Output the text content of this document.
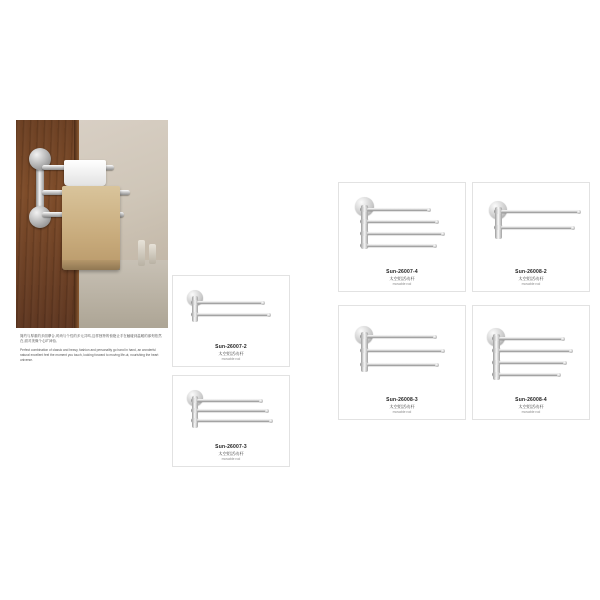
简约与厚重的多面摩合,时尚与个性的多元共鸣,这样独特的惊艳让手在触碰到温暖的那刻依然在,面对美像个心旷神怡,
Perfect combination of classic and heavy, fashion and personality go hand in hand, an wonderful natural excellent feel the moment you touch, looking forward to moving life-ut, nourishing the heart universe.
Sun-26007-2
太空铝活动杆
movable rod
Sun-26007-3
太空铝活动杆
movable rod
Sun-26007-4
太空铝活动杆
movable rod
Sun-26008-2
太空铝活动杆
movable rod
Sun-26008-3
太空铝活动杆
movable rod
Sun-26008-4
太空铝活动杆
movable rod
